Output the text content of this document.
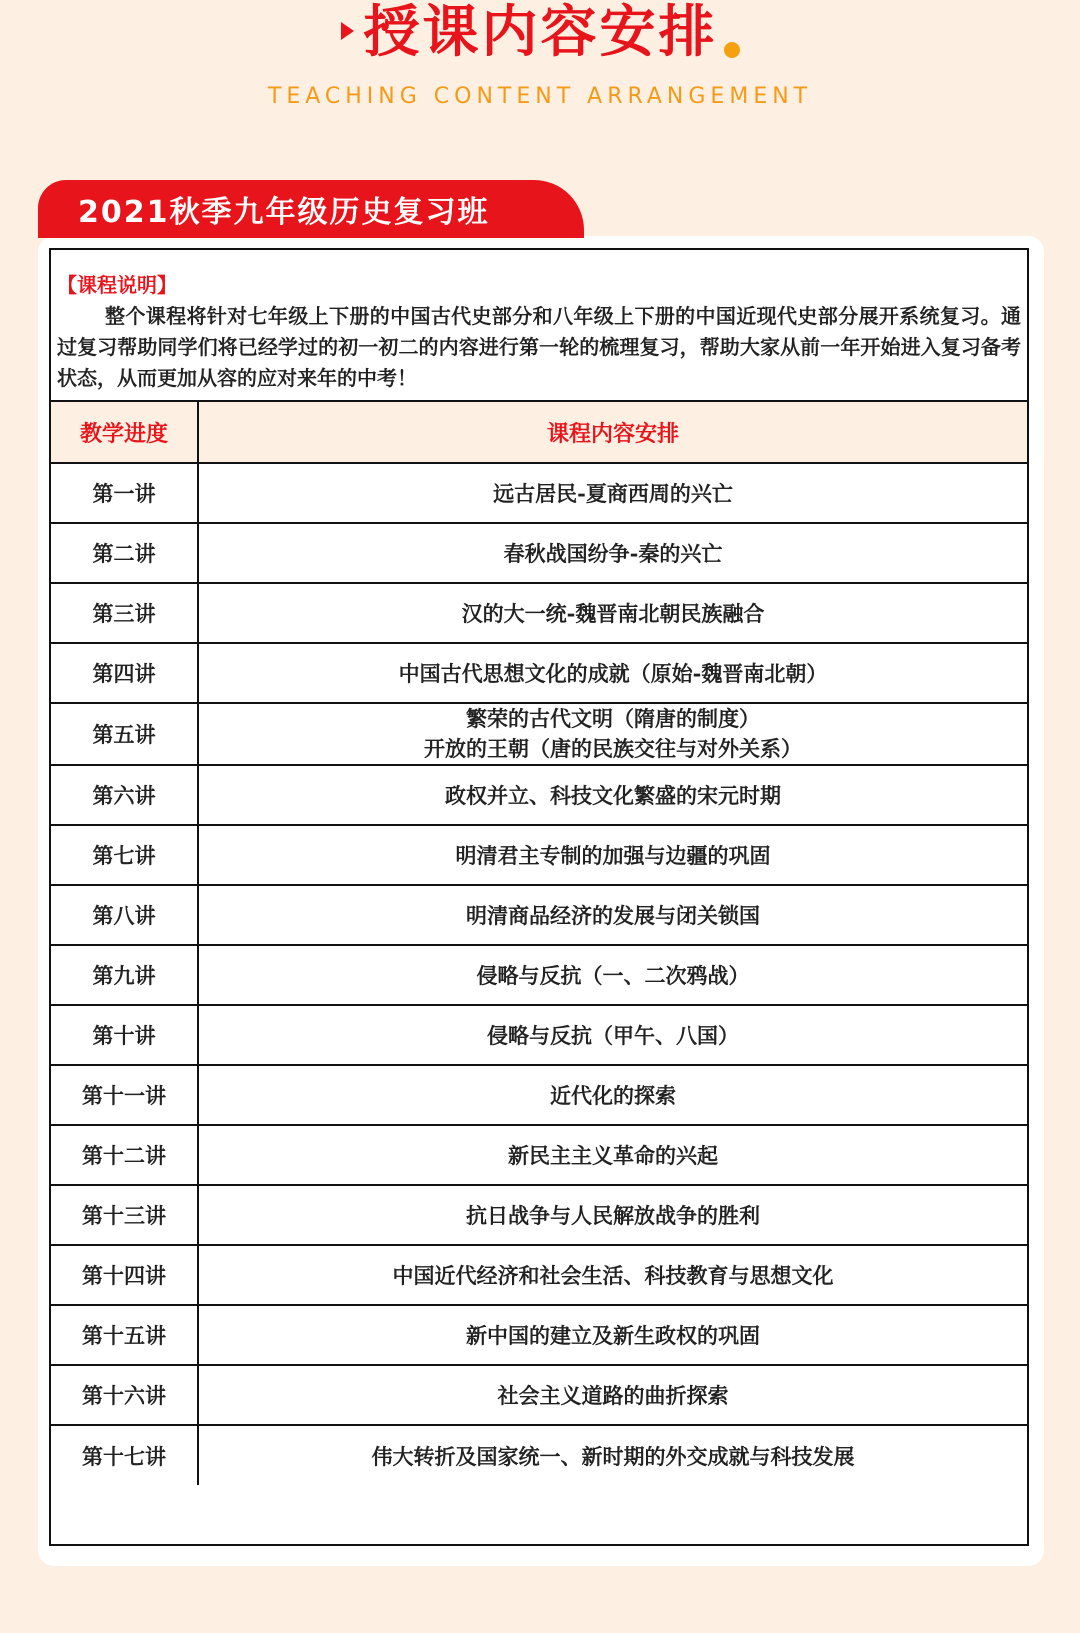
授课内容安排
TEACHING CONTENT ARRANGEMENT
2021秋季九年级历史复习班
【课程说明】
整个课程将针对七年级上下册的中国古代史部分和八年级上下册的中国近现代史部分展开系统复习。通过复习帮助同学们将已经学过的初一初二的内容进行第一轮的梳理复习，帮助大家从前一年开始进入复习备考状态，从而更加从容的应对来年的中考！
教学进度	课程内容安排
第一讲	远古居民-夏商西周的兴亡
第二讲	春秋战国纷争-秦的兴亡
第三讲	汉的大一统-魏晋南北朝民族融合
第四讲	中国古代思想文化的成就（原始-魏晋南北朝）
第五讲	繁荣的古代文明（隋唐的制度）
开放的王朝（唐的民族交往与对外关系）

第六讲	政权并立、科技文化繁盛的宋元时期
第七讲	明清君主专制的加强与边疆的巩固
第八讲	明清商品经济的发展与闭关锁国
第九讲	侵略与反抗（一、二次鸦战）
第十讲	侵略与反抗（甲午、八国）
第十一讲	近代化的探索
第十二讲	新民主主义革命的兴起
第十三讲	抗日战争与人民解放战争的胜利
第十四讲	中国近代经济和社会生活、科技教育与思想文化
第十五讲	新中国的建立及新生政权的巩固
第十六讲	社会主义道路的曲折探索
第十七讲	伟大转折及国家统一、新时期的外交成就与科技发展
